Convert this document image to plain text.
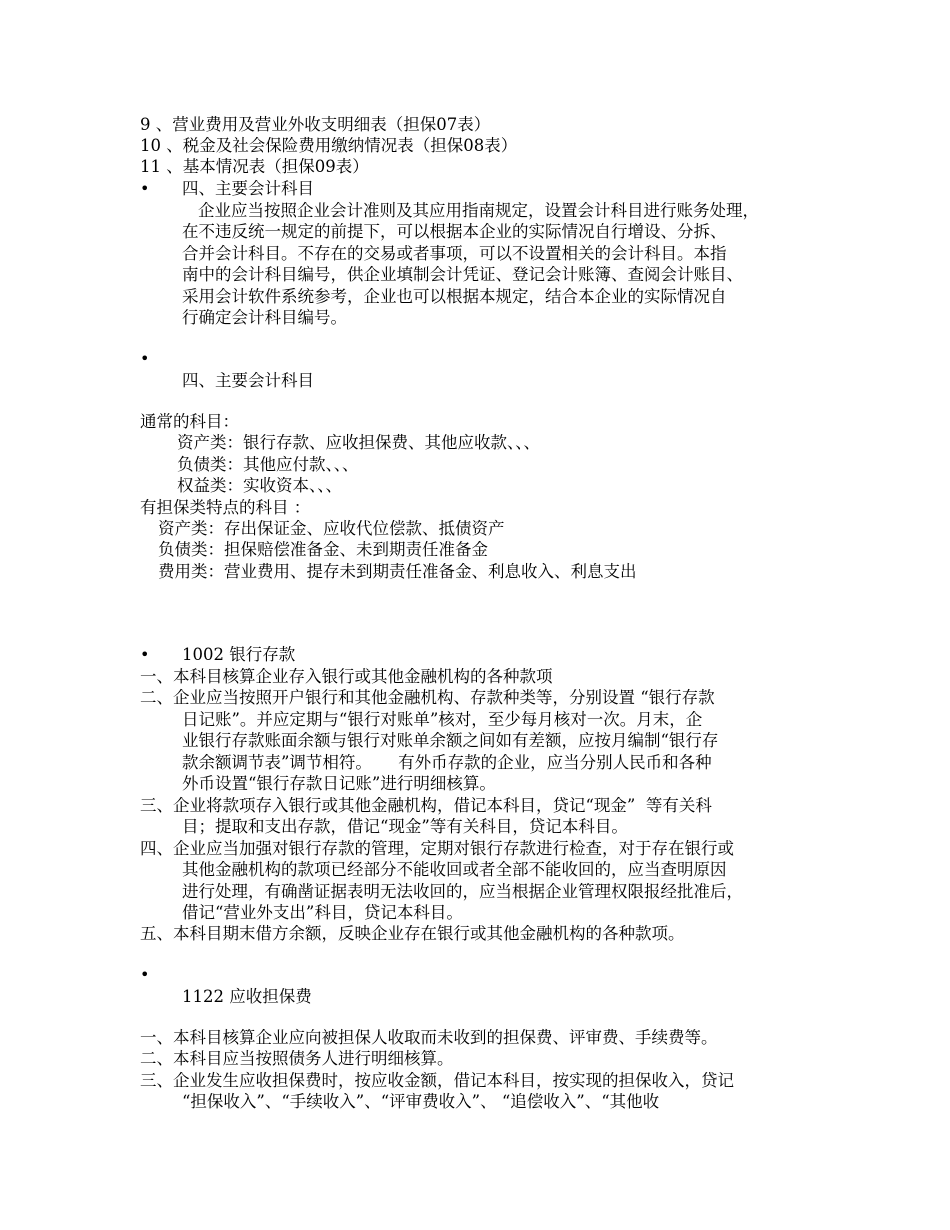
9 、营业费用及营业外收支明细表（担保07表）
10 、税金及社会保险费用缴纳情况表（担保08表）
11 、基本情况表（担保09表）
• 四、主要会计科目
企业应当按照企业会计准则及其应用指南规定，设置会计科目进行账务处理，
在不违反统一规定的前提下，可以根据本企业的实际情况自行增设、分拆、
合并会计科目。不存在的交易或者事项，可以不设置相关的会计科目。本指
南中的会计科目编号，供企业填制会计凭证、登记会计账簿、查阅会计账目、
采用会计软件系统参考，企业也可以根据本规定，结合本企业的实际情况自
行确定会计科目编号。
•
四、主要会计科目
通常的科目：
资产类：银行存款、应收担保费、其他应收款、、、
负债类：其他应付款、、、
权益类：实收资本、、、
有担保类特点的科目 ：
资产类：存出保证金、应收代位偿款、抵债资产
负债类：担保赔偿准备金、未到期责任准备金
费用类：营业费用、提存未到期责任准备金、利息收入、利息支出
• 1002 银行存款
一、本科目核算企业存入银行或其他金融机构的各种款项
二、企业应当按照开户银行和其他金融机构、存款种类等，分别设置 “银行存款
日记账”。并应定期与“银行对账单”核对，至少每月核对一次。月末，企
业银行存款账面余额与银行对账单余额之间如有差额，应按月编制“银行存
款余额调节表”调节相符。     有外币存款的企业，应当分别人民币和各种
外币设置“银行存款日记账”进行明细核算。
三、企业将款项存入银行或其他金融机构，借记本科目，贷记“现金”  等有关科
目；提取和支出存款，借记“现金”等有关科目，贷记本科目。
四、企业应当加强对银行存款的管理，定期对银行存款进行检查，对于存在银行或
其他金融机构的款项已经部分不能收回或者全部不能收回的，应当查明原因
进行处理，有确凿证据表明无法收回的，应当根据企业管理权限报经批准后，
借记“营业外支出”科目，贷记本科目。
五、本科目期末借方余额，反映企业存在银行或其他金融机构的各种款项。
•
1122 应收担保费
一、本科目核算企业应向被担保人收取而未收到的担保费、评审费、手续费等。
二、本科目应当按照债务人进行明细核算。
三、企业发生应收担保费时，按应收金额，借记本科目，按实现的担保收入，贷记
“担保收入”、“手续收入”、“评审费收入”、 “追偿收入”、“其他收
